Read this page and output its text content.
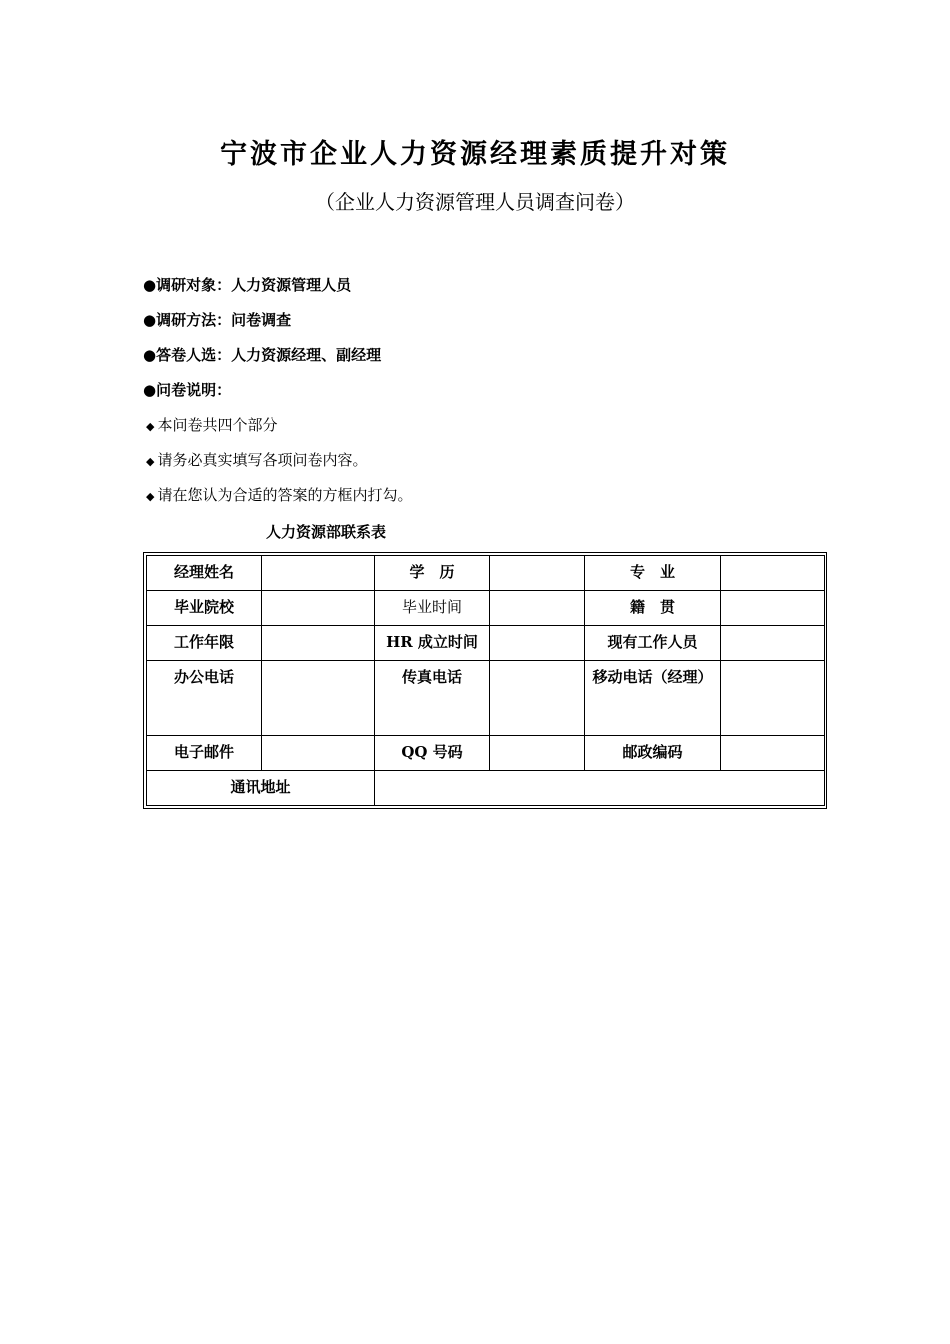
宁波市企业人力资源经理素质提升对策

（企业人力资源管理人员调查问卷）

●调研对象：人力资源管理人员
●调研方法：问卷调查
●答卷人选：人力资源经理、副经理
●问卷说明：
◆ 本问卷共四个部分
◆ 请务必真实填写各项问卷内容。
◆ 请在您认为合适的答案的方框内打勾。

人力资源部联系表

经理姓名		学　历		专　业	
毕业院校		毕业时间		籍　贯	
工作年限		HR 成立时间		现有工作人员	
办公电话		传真电话		移动电话（经理）	
电子邮件		QQ 号码		邮政编码	
通讯地址					
